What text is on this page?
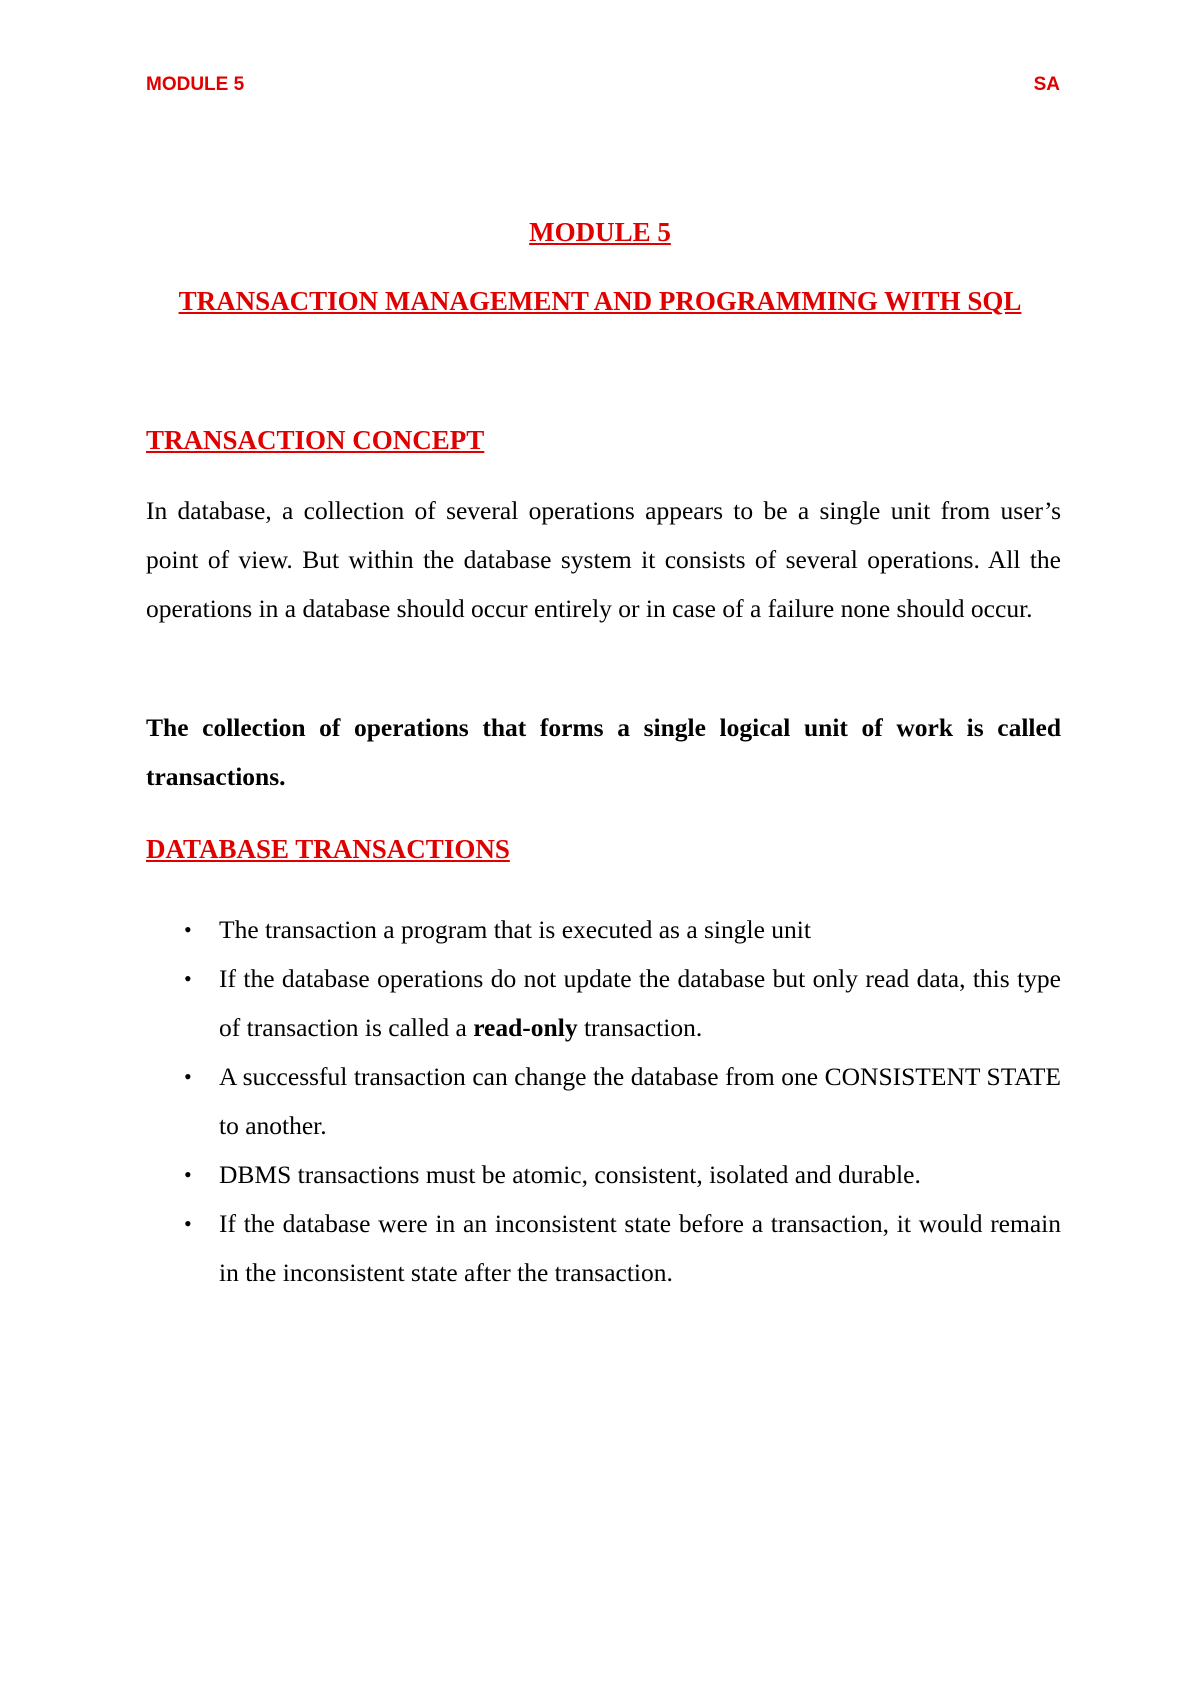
MODULE 5	SA
MODULE 5
TRANSACTION MANAGEMENT AND PROGRAMMING WITH SQL
TRANSACTION CONCEPT
In database, a collection of several operations appears to be a single unit from user’s point of view. But within the database system it consists of several operations. All the operations in a database should occur entirely or in case of a failure none should occur.
The collection of operations that forms a single logical unit of work is called transactions.
DATABASE TRANSACTIONS
• The transaction a program that is executed as a single unit
• If the database operations do not update the database but only read data, this type of transaction is called a read-only transaction.
• A successful transaction can change the database from one CONSISTENT STATE to another.
• DBMS transactions must be atomic, consistent, isolated and durable.
• If the database were in an inconsistent state before a transaction, it would remain in the inconsistent state after the transaction.
